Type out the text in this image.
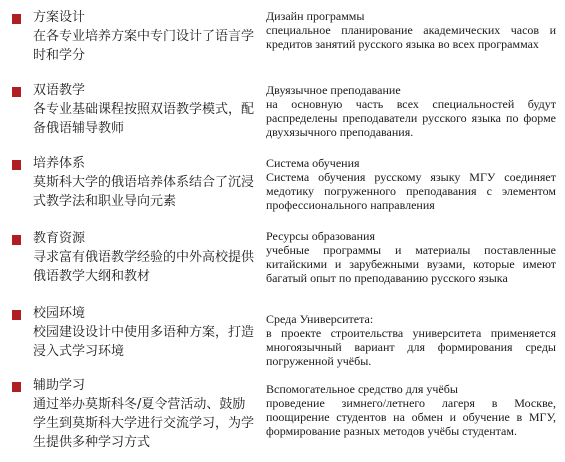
方案设计
在各专业培养方案中专门设计了语言学时和学分
Дизайн программы
специальное планирование академических часов и кредитов занятий русского языка во всех программах
双语教学
各专业基础课程按照双语教学模式，配备俄语辅导教师
Двуязычное преподавание
на основную часть всех специальностей будут распределены преподаватели русского языка по форме двухязычного преподавания.
培养体系
莫斯科大学的俄语培养体系结合了沉浸式教学法和职业导向元素
Система обучения
Система обучения русскому языку МГУ соединяет медотику погруженного преподавания с элементом профессионального направления
教育资源
寻求富有俄语教学经验的中外高校提供俄语教学大纲和教材
Ресурсы образования
учебные программы и материалы поставленные китайскими и зарубежными вузами, которые имеют багатый опыт по преподаванию русского языка
校园环境
校园建设设计中使用多语种方案，打造浸入式学习环境
Среда Университета:
в проекте строительства университета применяется многоязычный вариант для формирования среды погруженной учёбы.
辅助学习
通过举办莫斯科冬/夏令营活动、鼓励学生到莫斯科大学进行交流学习，为学生提供多种学习方式
Вспомогательное средство для учёбы
проведение зимнего/летнего лагеря в Москве, поощирение студентов на обмен и обучение в МГУ, формирование разных методов учёбы студентам.
